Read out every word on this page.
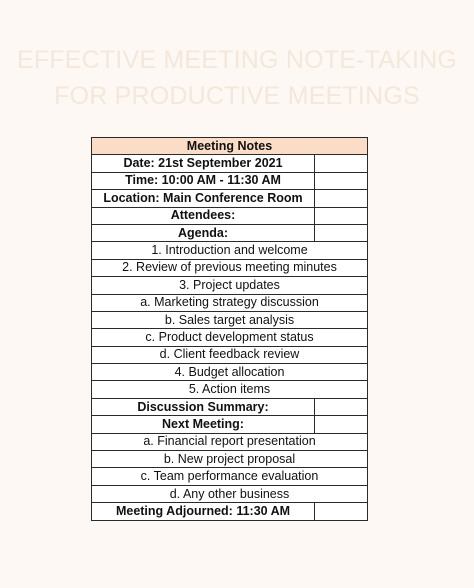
EFFECTIVE MEETING NOTE-TAKING
FOR PRODUCTIVE MEETINGS
Meeting Notes	
Date: 21st September 2021	
Time: 10:00 AM - 11:30 AM	
Location: Main Conference Room	
Attendees:	
Agenda:	
1. Introduction and welcome	
2. Review of previous meeting minutes	
3. Project updates	
a. Marketing strategy discussion	
b. Sales target analysis	
c. Product development status	
d. Client feedback review	
4. Budget allocation	
5. Action items	
Discussion Summary:	
Next Meeting:	
a. Financial report presentation	
b. New project proposal	
c. Team performance evaluation	
d. Any other business	
Meeting Adjourned: 11:30 AM	
